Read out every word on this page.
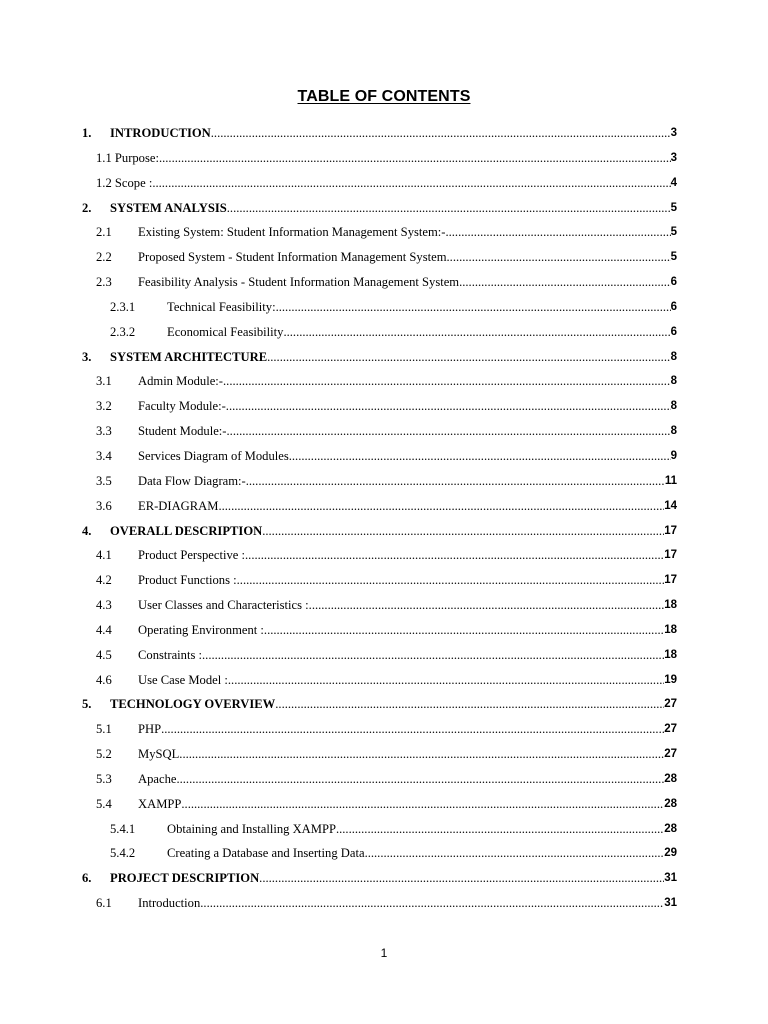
TABLE OF CONTENTS
1. INTRODUCTION .....	3
1.1 Purpose: .....	3
1.2 Scope : .....	4
2. SYSTEM ANALYSIS .....	5
2.1 Existing System: Student Information Management System:- .....	5
2.2 Proposed System - Student Information Management System .....	5
2.3 Feasibility Analysis - Student Information Management System .....	6
2.3.1	Technical Feasibility: .....	6
2.3.2	Economical Feasibility .....	6
3. SYSTEM ARCHITECTURE .....	8
3.1 Admin Module:- .....	8
3.2 Faculty Module:- .....	8
3.3 Student Module:- .....	8
3.4 Services Diagram of Modules .....	9
3.5 Data Flow Diagram:- .....	11
3.6 ER-DIAGRAM .....	14
4. OVERALL DESCRIPTION .....	17
4.1 Product Perspective : .....	17
4.2 Product Functions : .....	17
4.3 User Classes and Characteristics : .....	18
4.4 Operating Environment : .....	18
4.5 Constraints : .....	18
4.6 Use Case Model : .....	19
5. TECHNOLOGY OVERVIEW .....	27
5.1 PHP .....	27
5.2 MySQL .....	27
5.3 Apache .....	28
5.4 XAMPP .....	28
5.4.1	Obtaining and Installing XAMPP .....	28
5.4.2	Creating a Database and Inserting Data .....	29
6. PROJECT DESCRIPTION .....	31
6.1 Introduction .....	31
1
